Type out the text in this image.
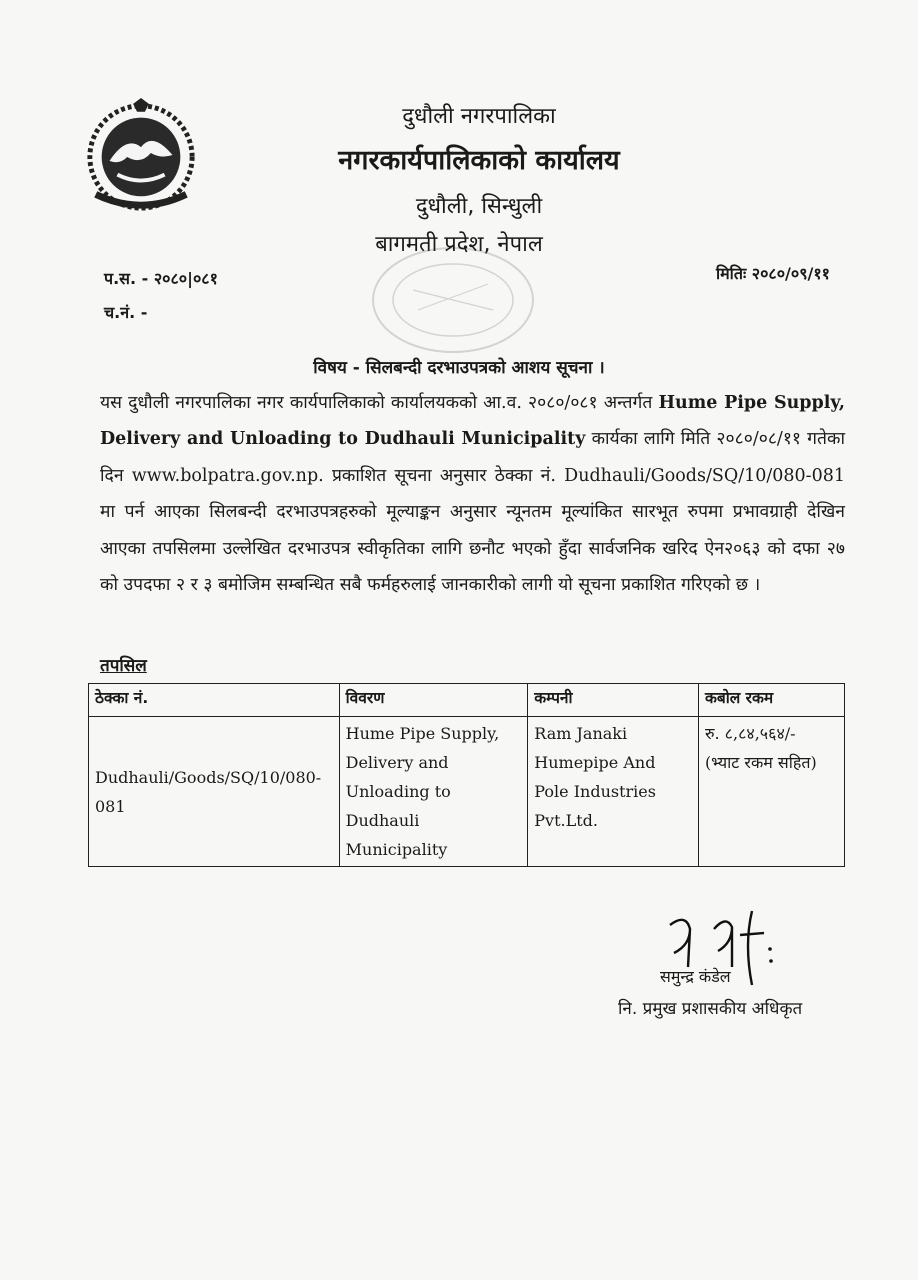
दुधौली नगरपालिका
नगरकार्यपालिकाको कार्यालय
दुधौली, सिन्धुली
बागमती प्रदेश, नेपाल
प.स. - २०८०|०८१
च.नं. -
मितिः २०८०/०९/११
विषय - सिलबन्दी दरभाउपत्रको आशय सूचना ।
यस दुधौली नगरपालिका नगर कार्यपालिकाको कार्यालयकको आ.व. २०८०/०८१ अन्तर्गत Hume Pipe Supply, Delivery and Unloading to Dudhauli Municipality कार्यका लागि मिति २०८०/०८/११ गतेका दिन www.bolpatra.gov.np. प्रकाशित सूचना अनुसार ठेक्का नं. Dudhauli/Goods/SQ/10/080-081 मा पर्न आएका सिलबन्दी दरभाउपत्रहरुको मूल्याङ्कन अनुसार न्यूनतम मूल्यांकित सारभूत रुपमा प्रभावग्राही देखिन आएका तपसिलमा उल्लेखित दरभाउपत्र स्वीकृतिका लागि छनौट भएको हुँदा सार्वजनिक खरिद ऐन२०६३ को दफा २७ को उपदफा २ र ३ बमोजिम सम्बन्धित सबै फर्महरुलाई जानकारीको लागी यो सूचना प्रकाशित गरिएको छ ।
तपसिल
ठेक्का नं.	विवरण	कम्पनी	कबोल रकम
Dudhauli/Goods/SQ/10/080-081	Hume Pipe Supply, Delivery and Unloading to Dudhauli Municipality	Ram Janaki Humepipe And Pole Industries Pvt.Ltd.	रु. ८,८४,५६४/-
(भ्याट रकम सहित)
समुन्द्र कंडेल
नि. प्रमुख प्रशासकीय अधिकृत
